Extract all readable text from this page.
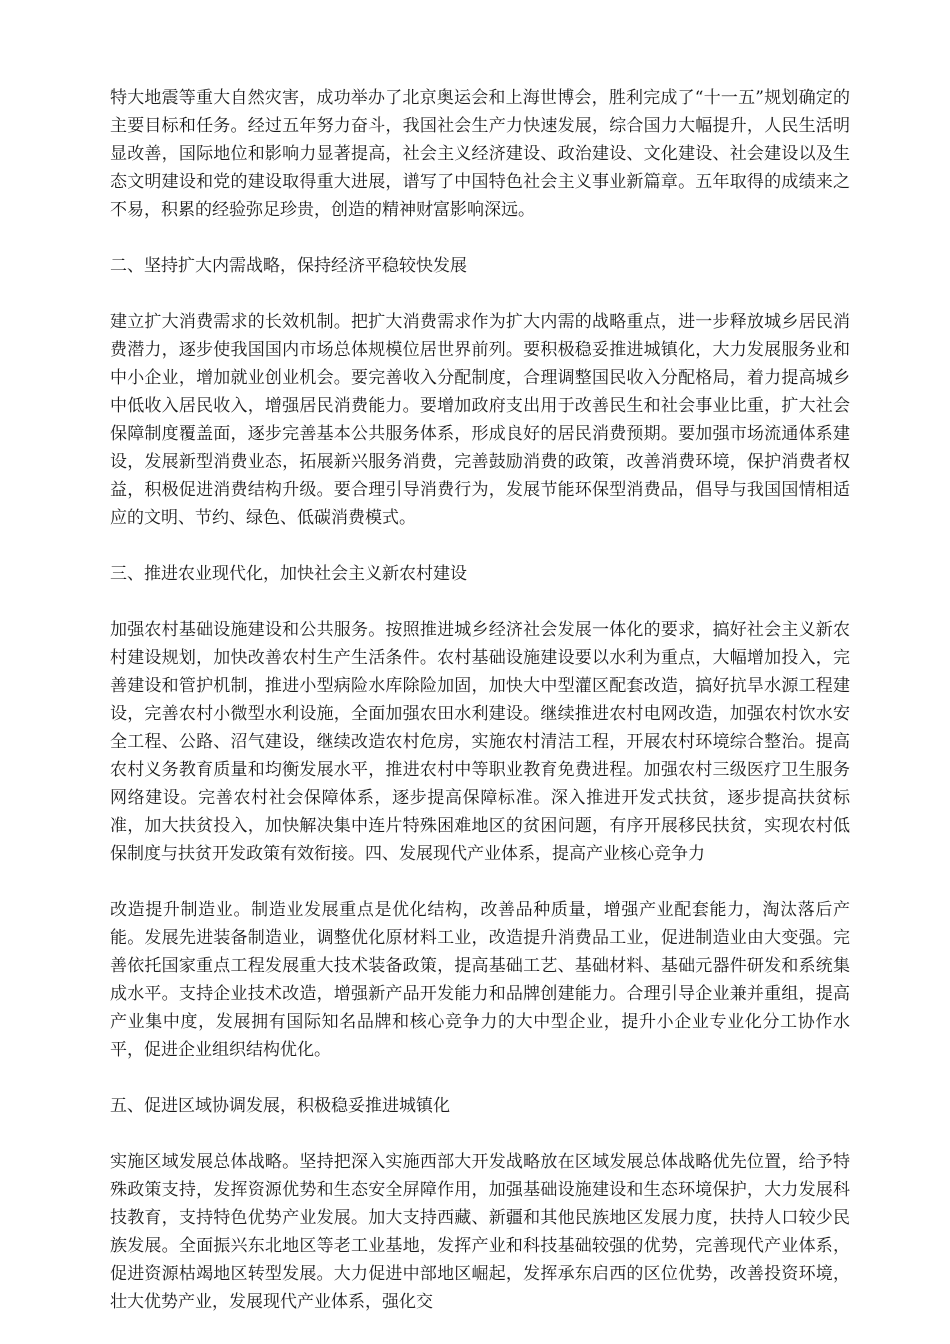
特大地震等重大自然灾害，成功举办了北京奥运会和上海世博会，胜利完成了“十一五”规划确定的主要目标和任务。经过五年努力奋斗，我国社会生产力快速发展，综合国力大幅提升，人民生活明显改善，国际地位和影响力显著提高，社会主义经济建设、政治建设、文化建设、社会建设以及生态文明建设和党的建设取得重大进展，谱写了中国特色社会主义事业新篇章。五年取得的成绩来之不易，积累的经验弥足珍贵，创造的精神财富影响深远。

二、坚持扩大内需战略，保持经济平稳较快发展

建立扩大消费需求的长效机制。把扩大消费需求作为扩大内需的战略重点，进一步释放城乡居民消费潜力，逐步使我国国内市场总体规模位居世界前列。要积极稳妥推进城镇化，大力发展服务业和中小企业，增加就业创业机会。要完善收入分配制度，合理调整国民收入分配格局，着力提高城乡中低收入居民收入，增强居民消费能力。要增加政府支出用于改善民生和社会事业比重，扩大社会保障制度覆盖面，逐步完善基本公共服务体系，形成良好的居民消费预期。要加强市场流通体系建设，发展新型消费业态，拓展新兴服务消费，完善鼓励消费的政策，改善消费环境，保护消费者权益，积极促进消费结构升级。要合理引导消费行为，发展节能环保型消费品，倡导与我国国情相适应的文明、节约、绿色、低碳消费模式。

三、推进农业现代化，加快社会主义新农村建设

加强农村基础设施建设和公共服务。按照推进城乡经济社会发展一体化的要求，搞好社会主义新农村建设规划，加快改善农村生产生活条件。农村基础设施建设要以水利为重点，大幅增加投入，完善建设和管护机制，推进小型病险水库除险加固，加快大中型灌区配套改造，搞好抗旱水源工程建设，完善农村小微型水利设施，全面加强农田水利建设。继续推进农村电网改造，加强农村饮水安全工程、公路、沼气建设，继续改造农村危房，实施农村清洁工程，开展农村环境综合整治。提高农村义务教育质量和均衡发展水平，推进农村中等职业教育免费进程。加强农村三级医疗卫生服务网络建设。完善农村社会保障体系，逐步提高保障标准。深入推进开发式扶贫，逐步提高扶贫标准，加大扶贫投入，加快解决集中连片特殊困难地区的贫困问题，有序开展移民扶贫，实现农村低保制度与扶贫开发政策有效衔接。四、发展现代产业体系，提高产业核心竞争力

改造提升制造业。制造业发展重点是优化结构，改善品种质量，增强产业配套能力，淘汰落后产能。发展先进装备制造业，调整优化原材料工业，改造提升消费品工业，促进制造业由大变强。完善依托国家重点工程发展重大技术装备政策，提高基础工艺、基础材料、基础元器件研发和系统集成水平。支持企业技术改造，增强新产品开发能力和品牌创建能力。合理引导企业兼并重组，提高产业集中度，发展拥有国际知名品牌和核心竞争力的大中型企业，提升小企业专业化分工协作水平，促进企业组织结构优化。

五、促进区域协调发展，积极稳妥推进城镇化

实施区域发展总体战略。坚持把深入实施西部大开发战略放在区域发展总体战略优先位置，给予特殊政策支持，发挥资源优势和生态安全屏障作用，加强基础设施建设和生态环境保护，大力发展科技教育，支持特色优势产业发展。加大支持西藏、新疆和其他民族地区发展力度，扶持人口较少民族发展。全面振兴东北地区等老工业基地，发挥产业和科技基础较强的优势，完善现代产业体系，促进资源枯竭地区转型发展。大力促进中部地区崛起，发挥承东启西的区位优势，改善投资环境，壮大优势产业，发展现代产业体系，强化交
